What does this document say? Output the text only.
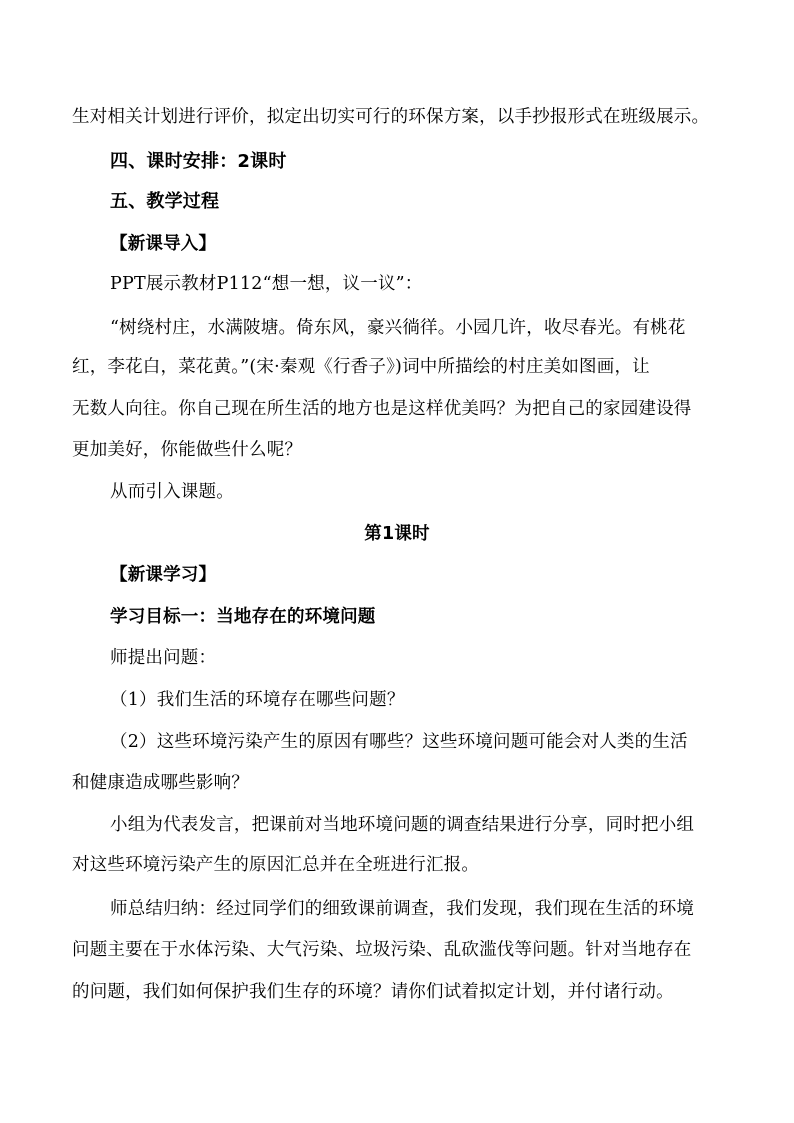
生对相关计划进行评价，拟定出切实可行的环保方案，以手抄报形式在班级展示。
四、课时安排：2课时
五、教学过程
【新课导入】
PPT展示教材P112“想一想，议一议”：
“树绕村庄，水满陂塘。倚东风，豪兴徜徉。小园几许，收尽春光。有桃花
红，李花白，菜花黄。”(宋·秦观《行香子》)词中所描绘的村庄美如图画，让
无数人向往。你自己现在所生活的地方也是这样优美吗？为把自己的家园建设得
更加美好，你能做些什么呢？
从而引入课题。
第1课时
【新课学习】
学习目标一：当地存在的环境问题
师提出问题：
（1）我们生活的环境存在哪些问题？
（2）这些环境污染产生的原因有哪些？这些环境问题可能会对人类的生活
和健康造成哪些影响？
小组为代表发言，把课前对当地环境问题的调查结果进行分享，同时把小组
对这些环境污染产生的原因汇总并在全班进行汇报。
师总结归纳：经过同学们的细致课前调查，我们发现，我们现在生活的环境
问题主要在于水体污染、大气污染、垃圾污染、乱砍滥伐等问题。针对当地存在
的问题，我们如何保护我们生存的环境？请你们试着拟定计划，并付诸行动。
